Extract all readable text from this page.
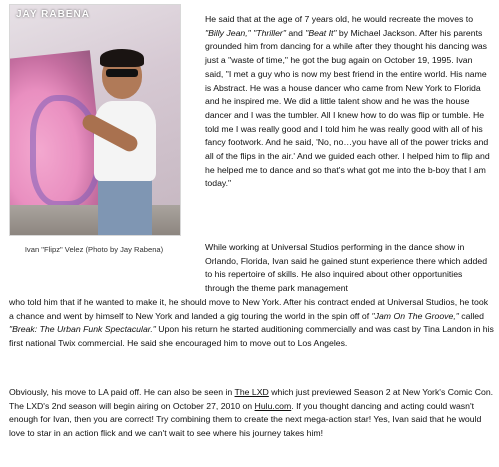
JAY RABENA
Ivan "Flipz" Velez (Photo by Jay Rabena)

He said that at the age of 7 years old, he would recreate the moves to "Billy Jean," "Thriller" and "Beat It" by Michael Jackson. After his parents grounded him from dancing for a while after they thought his dancing was just a "waste of time," he got the bug again on October 19, 1995. Ivan said, "I met a guy who is now my best friend in the entire world. His name is Abstract. He was a house dancer who came from New York to Florida and he inspired me. We did a little talent show and he was the house dancer and I was the tumbler. All I knew how to do was flip or tumble. He told me I was really good and I told him he was really good with all of his fancy footwork. And he said, 'No, no…you have all of the power tricks and all of the flips in the air.' And we guided each other. I helped him to flip and he helped me to dance and so that's what got me into the b-boy that I am today."

While working at Universal Studios performing in the dance show in Orlando, Florida, Ivan said he gained stunt experience there which added to his repertoire of skills. He also inquired about other opportunities through the theme park management

who told him that if he wanted to make it, he should move to New York. After his contract ended at Universal Studios, he took a chance and went by himself to New York and landed a gig touring the world in the spin off of "Jam On The Groove," called "Break: The Urban Funk Spectacular." Upon his return he started auditioning commercially and was cast by Tina Landon in his first national Twix commercial. He said she encouraged him to move out to Los Angeles.

Obviously, his move to LA paid off. He can also be seen in The LXD which just previewed Season 2 at New York's Comic Con. The LXD's 2nd season will begin airing on October 27, 2010 on Hulu.com. If you thought dancing and acting could wasn't enough for Ivan, then you are correct! Try combining them to create the next mega-action star! Yes, Ivan said that he would love to star in an action flick and we can't wait to see where his journey takes him!
